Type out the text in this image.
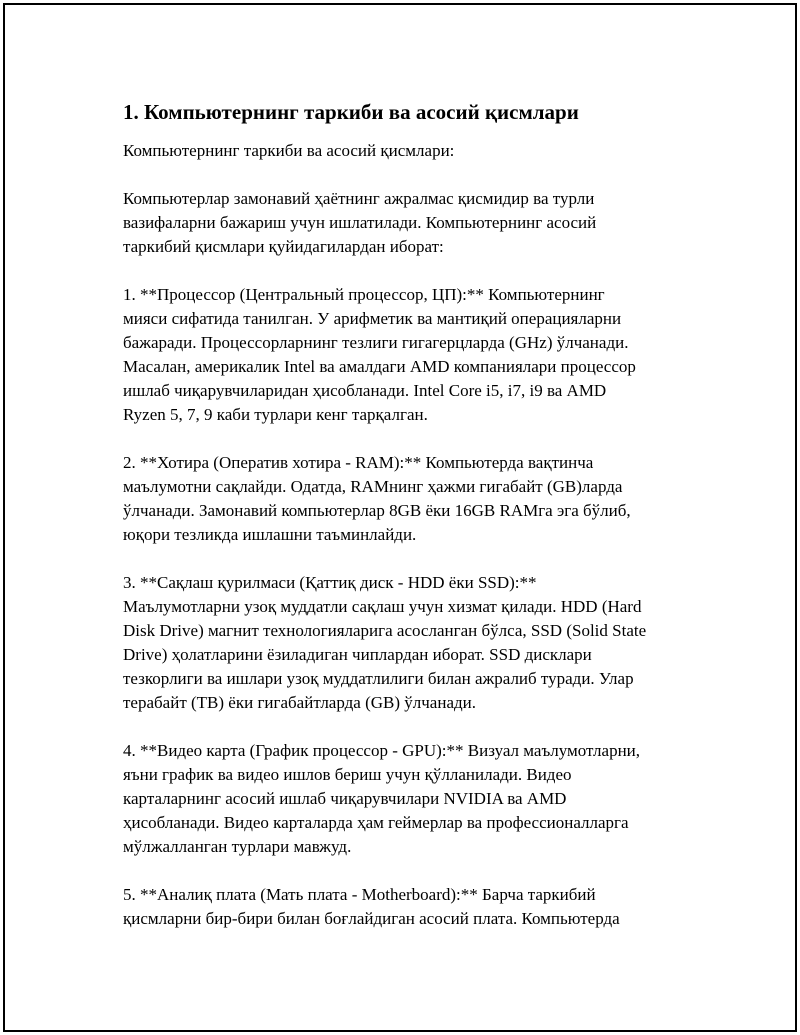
1. Компьютернинг таркиби ва асосий қисмлари

Компьютернинг таркиби ва асосий қисмлари:

Компьютерлар замонавий ҳаётнинг ажралмас қисмидир ва турли
вазифаларни бажариш учун ишлатилади. Компьютернинг асосий
таркибий қисмлари қуйидагилардан иборат:

1. **Процессор (Центральный процессор, ЦП):** Компьютернинг
мияси сифатида танилган. У арифметик ва мантиқий операцияларни
бажаради. Процессорларнинг тезлиги гигагерцларда (GHz) ўлчанади.
Масалан, америкалик Intel ва амалдаги AMD компаниялари процессор
ишлаб чиқарувчиларидан ҳисобланади. Intel Core i5, i7, i9 ва AMD
Ryzen 5, 7, 9 каби турлари кенг тарқалган.

2. **Хотира (Оператив хотира - RAM):** Компьютерда вақтинча
маълумотни сақлайди. Одатда, RAMнинг ҳажми гигабайт (GB)ларда
ўлчанади. Замонавий компьютерлар 8GB ёки 16GB RAMга эга бўлиб,
юқори тезликда ишлашни таъминлайди.

3. **Сақлаш қурилмаси (Қаттиқ диск - HDD ёки SSD):**
Маълумотларни узоқ муддатли сақлаш учун хизмат қилади. HDD (Hard
Disk Drive) магнит технологияларига асосланган бўлса, SSD (Solid State
Drive) ҳолатларини ёзиладиган чиплардан иборат. SSD дисклари
тезкорлиги ва ишлари узоқ муддатлилиги билан ажралиб туради. Улар
терабайт (TB) ёки гигабайтларда (GB) ўлчанади.

4. **Видео карта (График процессор - GPU):** Визуал маълумотларни,
яъни график ва видео ишлов бериш учун қўлланилади. Видео
карталарнинг асосий ишлаб чиқарувчилари NVIDIA ва AMD
ҳисобланади. Видео карталарда ҳам геймерлар ва профессионалларга
мўлжалланган турлари мавжуд.

5. **Аналиқ плата (Мать плата - Motherboard):** Барча таркибий
қисмларни бир-бири билан боғлайдиган асосий плата. Компьютерда
